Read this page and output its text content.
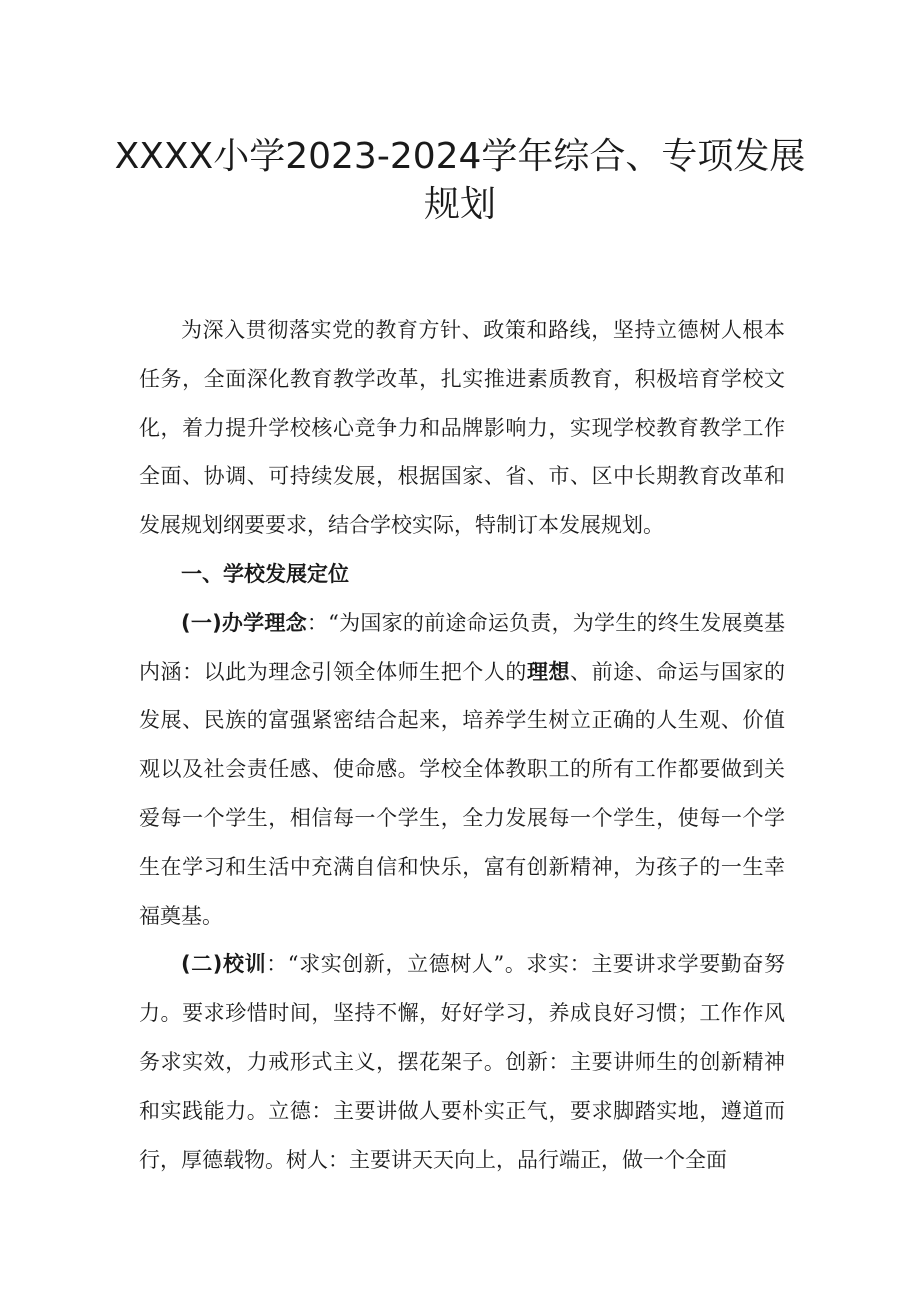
XXXX小学2023-2024学年综合、专项发展
规划

为深入贯彻落实党的教育方针、政策和路线，坚持立德树人根本任务，全面深化教育教学改革，扎实推进素质教育，积极培育学校文化，着力提升学校核心竞争力和品牌影响力，实现学校教育教学工作全面、协调、可持续发展，根据国家、省、市、区中长期教育改革和发展规划纲要要求，结合学校实际，特制订本发展规划。

一、学校发展定位

(一)办学理念：“为国家的前途命运负责，为学生的终生发展奠基内涵：以此为理念引领全体师生把个人的理想、前途、命运与国家的发展、民族的富强紧密结合起来，培养学生树立正确的人生观、价值观以及社会责任感、使命感。学校全体教职工的所有工作都要做到关爱每一个学生，相信每一个学生，全力发展每一个学生，使每一个学生在学习和生活中充满自信和快乐，富有创新精神，为孩子的一生幸福奠基。

(二)校训：“求实创新，立德树人”。求实：主要讲求学要勤奋努力。要求珍惜时间，坚持不懈，好好学习，养成良好习惯；工作作风务求实效，力戒形式主义，摆花架子。创新：主要讲师生的创新精神和实践能力。立德：主要讲做人要朴实正气，要求脚踏实地，遵道而行，厚德载物。树人：主要讲天天向上，品行端正，做一个全面
